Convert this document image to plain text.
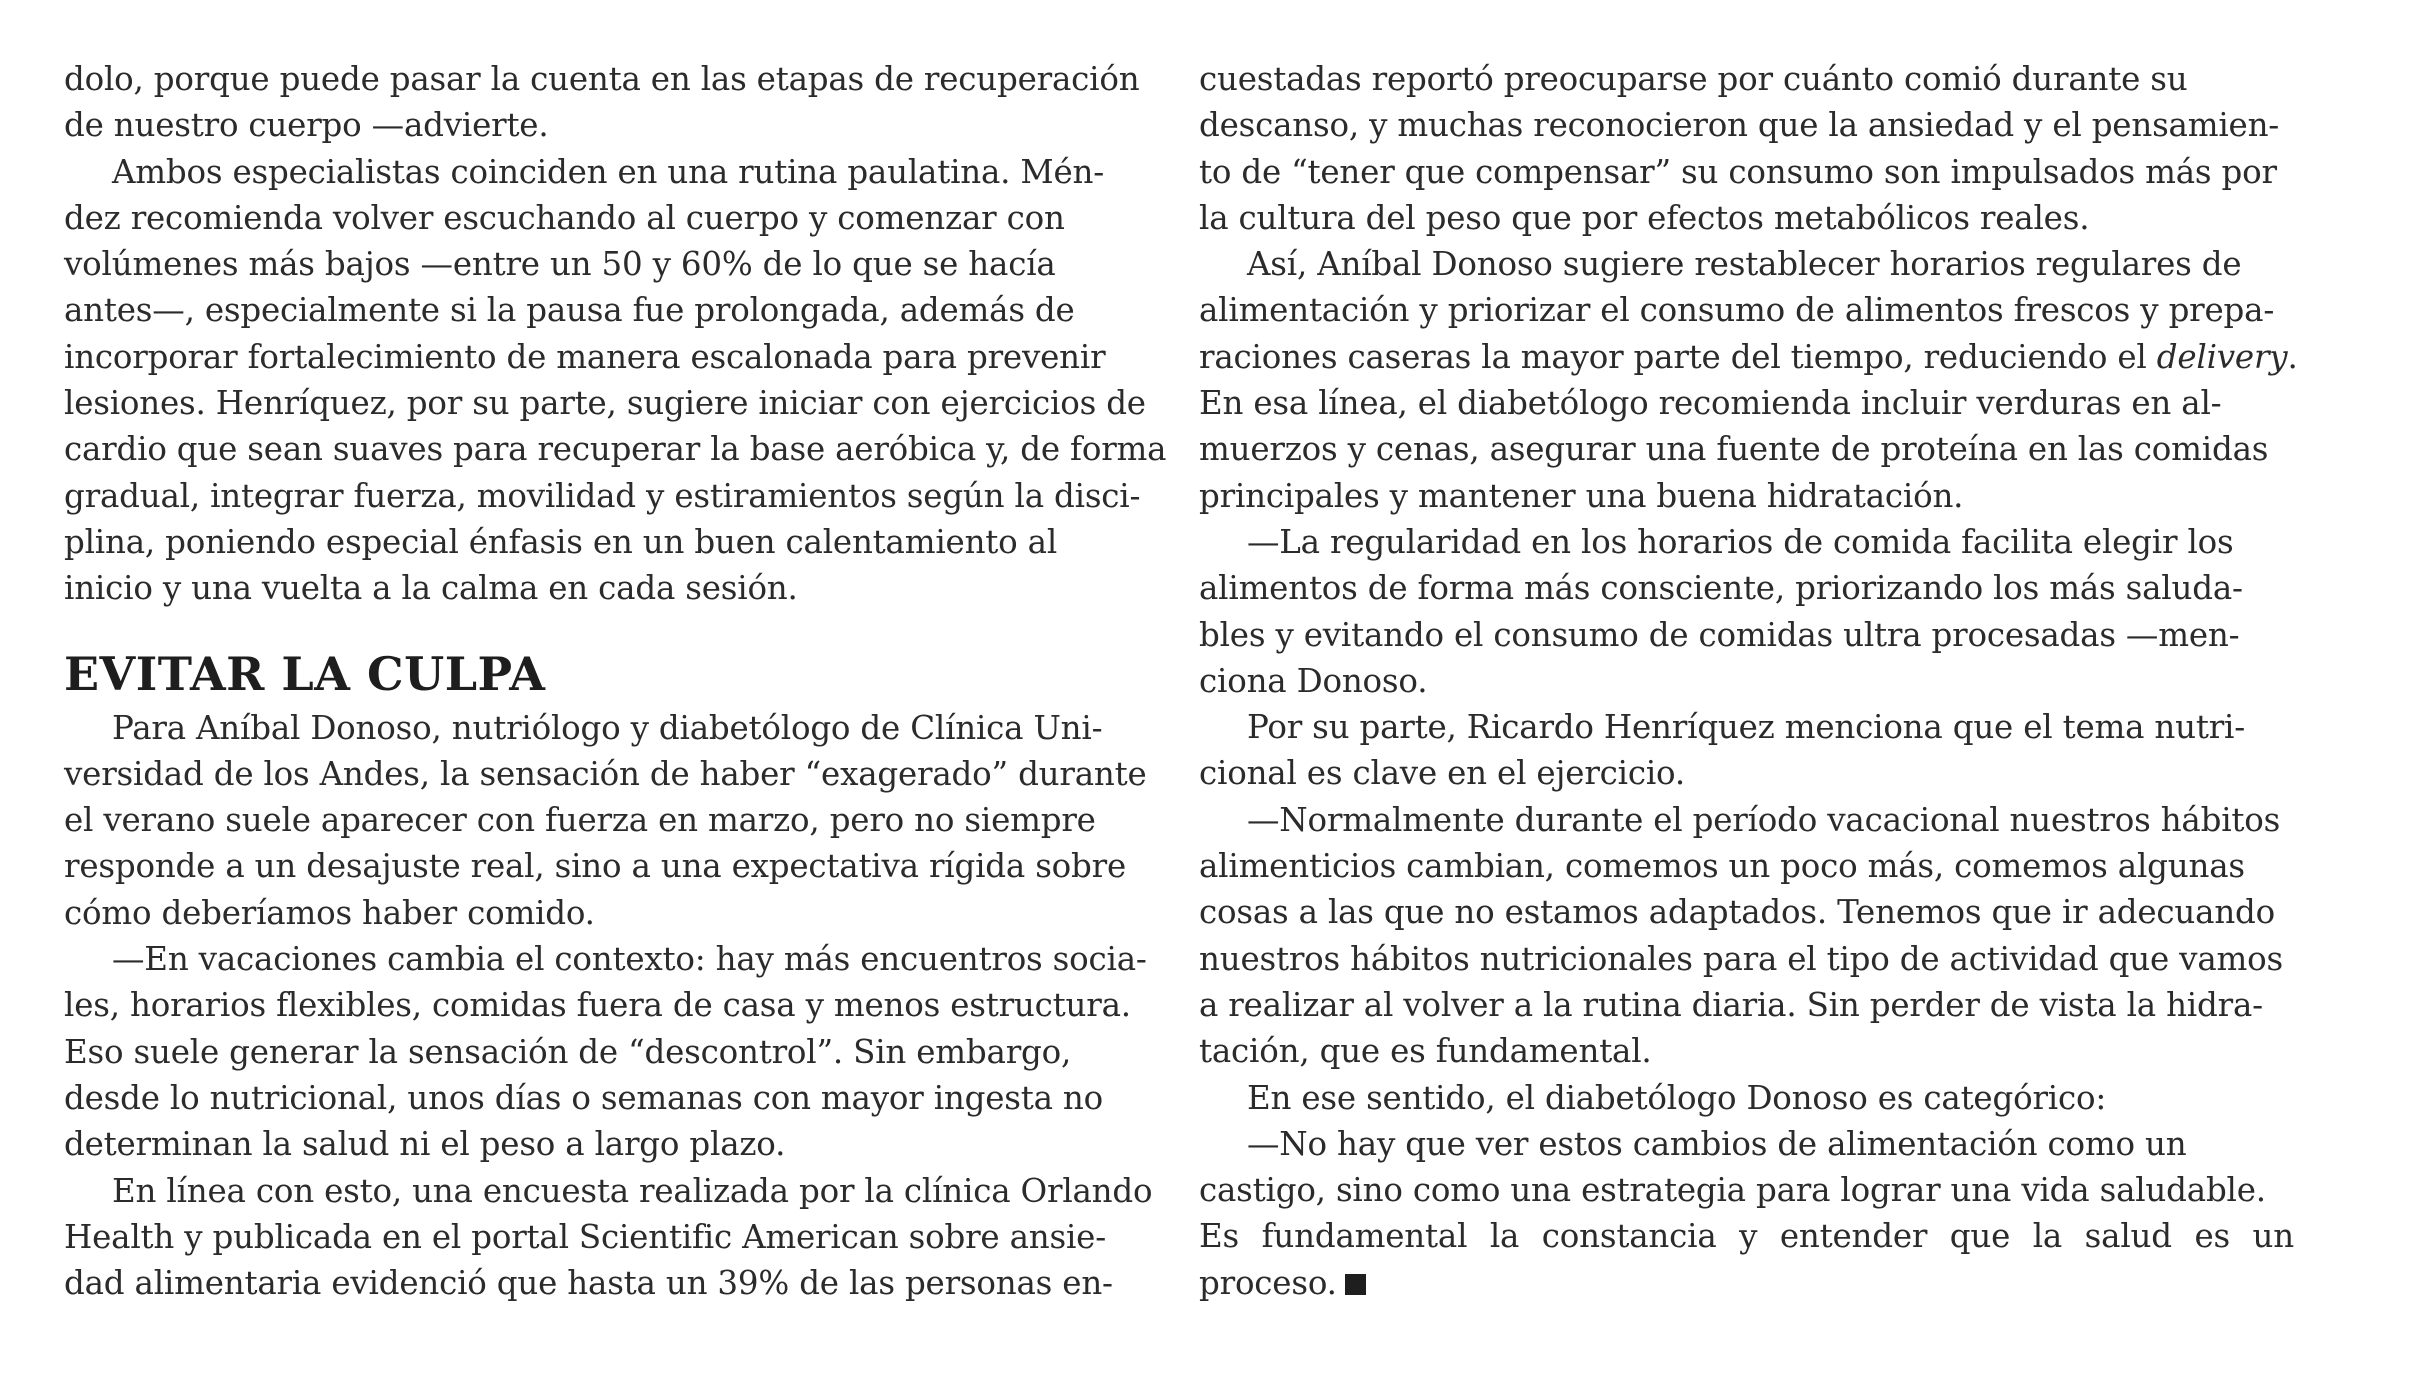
dolo, porque puede pasar la cuenta en las etapas de recuperación
de nuestro cuerpo —advierte.
Ambos especialistas coinciden en una rutina paulatina. Mén-
dez recomienda volver escuchando al cuerpo y comenzar con
volúmenes más bajos —entre un 50 y 60% de lo que se hacía
antes—, especialmente si la pausa fue prolongada, además de
incorporar fortalecimiento de manera escalonada para prevenir
lesiones. Henríquez, por su parte, sugiere iniciar con ejercicios de
cardio que sean suaves para recuperar la base aeróbica y, de forma
gradual, integrar fuerza, movilidad y estiramientos según la disci-
plina, poniendo especial énfasis en un buen calentamiento al
inicio y una vuelta a la calma en cada sesión.
EVITAR LA CULPA
Para Aníbal Donoso, nutriólogo y diabetólogo de Clínica Uni-
versidad de los Andes, la sensación de haber “exagerado” durante
el verano suele aparecer con fuerza en marzo, pero no siempre
responde a un desajuste real, sino a una expectativa rígida sobre
cómo deberíamos haber comido.
—En vacaciones cambia el contexto: hay más encuentros socia-
les, horarios flexibles, comidas fuera de casa y menos estructura.
Eso suele generar la sensación de “descontrol”. Sin embargo,
desde lo nutricional, unos días o semanas con mayor ingesta no
determinan la salud ni el peso a largo plazo.
En línea con esto, una encuesta realizada por la clínica Orlando
Health y publicada en el portal Scientific American sobre ansie-
dad alimentaria evidenció que hasta un 39% de las personas en-
cuestadas reportó preocuparse por cuánto comió durante su
descanso, y muchas reconocieron que la ansiedad y el pensamien-
to de “tener que compensar” su consumo son impulsados más por
la cultura del peso que por efectos metabólicos reales.
Así, Aníbal Donoso sugiere restablecer horarios regulares de
alimentación y priorizar el consumo de alimentos frescos y prepa-
raciones caseras la mayor parte del tiempo, reduciendo el delivery.
En esa línea, el diabetólogo recomienda incluir verduras en al-
muerzos y cenas, asegurar una fuente de proteína en las comidas
principales y mantener una buena hidratación.
—La regularidad en los horarios de comida facilita elegir los
alimentos de forma más consciente, priorizando los más saluda-
bles y evitando el consumo de comidas ultra procesadas —men-
ciona Donoso.
Por su parte, Ricardo Henríquez menciona que el tema nutri-
cional es clave en el ejercicio.
—Normalmente durante el período vacacional nuestros hábitos
alimenticios cambian, comemos un poco más, comemos algunas
cosas a las que no estamos adaptados. Tenemos que ir adecuando
nuestros hábitos nutricionales para el tipo de actividad que vamos
a realizar al volver a la rutina diaria. Sin perder de vista la hidra-
tación, que es fundamental.
En ese sentido, el diabetólogo Donoso es categórico:
—No hay que ver estos cambios de alimentación como un
castigo, sino como una estrategia para lograr una vida saludable.
Es fundamental la constancia y entender que la salud es un
proceso.
